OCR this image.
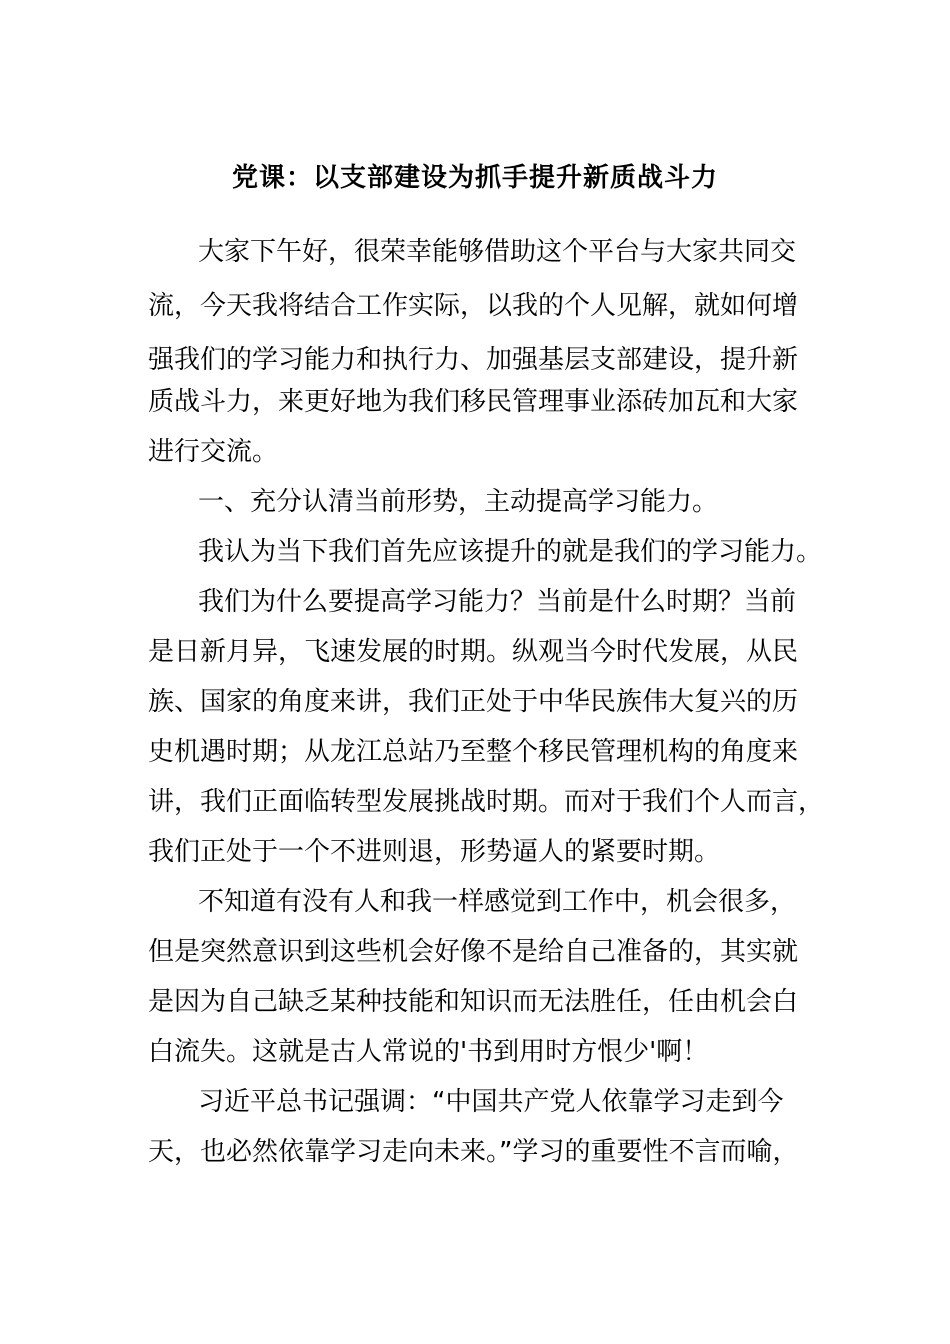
党课：以支部建设为抓手提升新质战斗力
大家下午好，很荣幸能够借助这个平台与大家共同交
流，今天我将结合工作实际，以我的个人见解，就如何增
强我们的学习能力和执行力、加强基层支部建设，提升新
质战斗力，来更好地为我们移民管理事业添砖加瓦和大家
进行交流。
一、充分认清当前形势，主动提高学习能力。
我认为当下我们首先应该提升的就是我们的学习能力。
我们为什么要提高学习能力？当前是什么时期？当前
是日新月异，飞速发展的时期。纵观当今时代发展，从民
族、国家的角度来讲，我们正处于中华民族伟大复兴的历
史机遇时期；从龙江总站乃至整个移民管理机构的角度来
讲，我们正面临转型发展挑战时期。而对于我们个人而言，
我们正处于一个不进则退，形势逼人的紧要时期。
不知道有没有人和我一样感觉到工作中，机会很多，
但是突然意识到这些机会好像不是给自己准备的，其实就
是因为自己缺乏某种技能和知识而无法胜任，任由机会白
白流失。这就是古人常说的'书到用时方恨少'啊！
习近平总书记强调：“中国共产党人依靠学习走到今
天，也必然依靠学习走向未来。”学习的重要性不言而喻，
